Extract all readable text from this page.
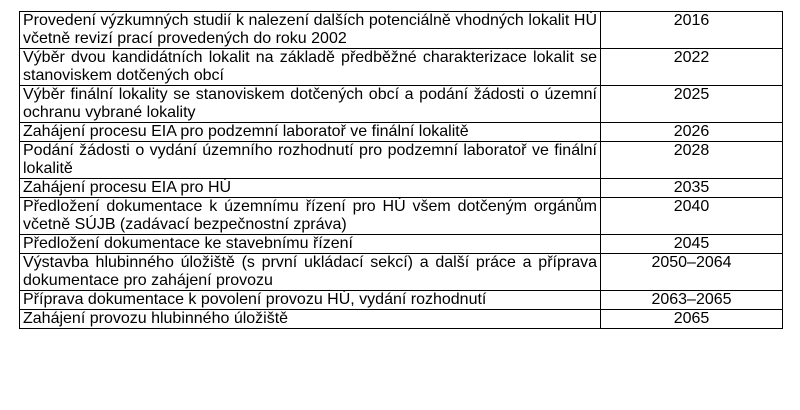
Provedení výzkumných studií k nalezení dalších potenciálně vhodných lokalit HÚ včetně revizí prací provedených do roku 2002	2016
Výběr dvou kandidátních lokalit na základě předběžné charakterizace lokalit se stanoviskem dotčených obcí	2022
Výběr finální lokality se stanoviskem dotčených obcí a podání žádosti o územní ochranu vybrané lokality	2025
Zahájení procesu EIA pro podzemní laboratoř ve finální lokalitě	2026
Podání žádosti o vydání územního rozhodnutí pro podzemní laboratoř ve finální lokalitě	2028
Zahájení procesu EIA pro HÚ	2035
Předložení dokumentace k územnímu řízení pro HÚ všem dotčeným orgánům včetně SÚJB (zadávací bezpečnostní zpráva)	2040
Předložení dokumentace ke stavebnímu řízení	2045
Výstavba hlubinného úložiště (s první ukládací sekcí) a další práce a příprava dokumentace pro zahájení provozu	2050–2064
Příprava dokumentace k povolení provozu HÚ, vydání rozhodnutí	2063–2065
Zahájení provozu hlubinného úložiště	2065
